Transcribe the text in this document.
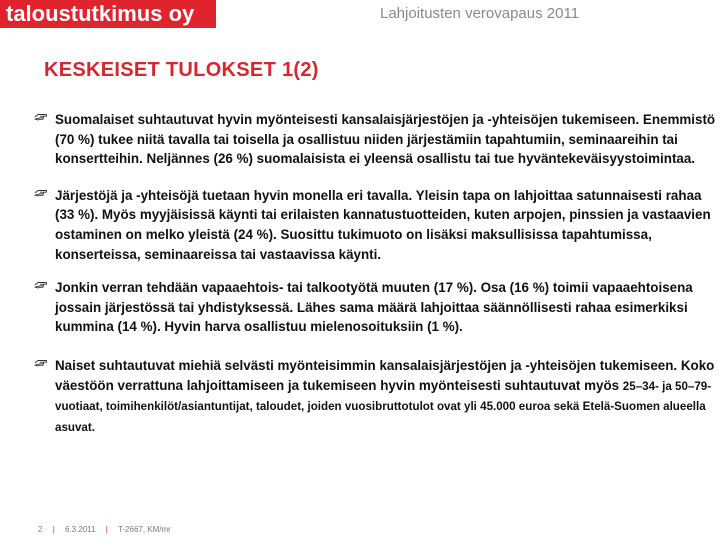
taloustutkimus oy	Lahjoitusten verovapaus 2011
KESKEISET TULOKSET 1(2)
Suomalaiset suhtautuvat hyvin myönteisesti kansalaisjärjestöjen ja -yhteisöjen tukemiseen. Enemmistö (70 %) tukee niitä tavalla tai toisella ja osallistuu niiden järjestämiin tapahtumiin, seminaareihin tai konsertteihin. Neljännes (26 %) suomalaisista ei yleensä osallistu tai tue hyväntekeväisyystoimintaa.
Järjestöjä ja -yhteisöjä tuetaan hyvin monella eri tavalla. Yleisin tapa on lahjoittaa satunnaisesti rahaa (33 %). Myös myyjäisissä käynti tai erilaisten kannatustuotteiden, kuten arpojen, pinssien ja vastaavien ostaminen on melko yleistä (24 %). Suosittu tukimuoto on lisäksi maksullisissa tapahtumissa, konserteissa, seminaareissa tai vastaavissa käynti.
Jonkin verran tehdään vapaaehtois- tai talkootyötä muuten (17 %). Osa (16 %) toimii vapaaehtoisena jossain järjestössä tai yhdistyksessä. Lähes sama määrä lahjoittaa säännöllisesti rahaa esimerkiksi kummina (14 %). Hyvin harva osallistuu mielenosoituksiin (1 %).
Naiset suhtautuvat miehiä selvästi myönteisimmin kansalaisjärjestöjen ja -yhteisöjen tukemiseen. Koko väestöön verrattuna lahjoittamiseen ja tukemiseen hyvin myönteisesti suhtautuvat myös 25–34- ja 50–79-vuotiaat, toimihenkilöt/asiantuntijat, taloudet, joiden vuosibruttotulot ovat yli 45.000 euroa sekä Etelä-Suomen alueella asuvat.
2 | 6.3.2011 | T-2667, KM/mr
